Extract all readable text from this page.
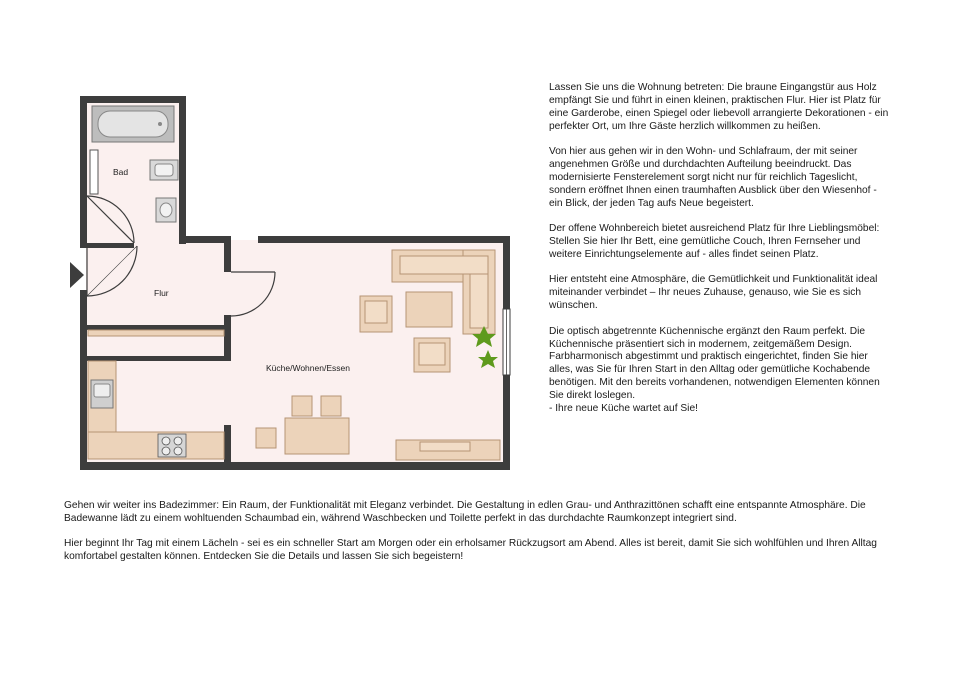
Bad
Flur
Küche/Wohnen/Essen

Lassen Sie uns die Wohnung betreten: Die braune Eingangstür aus Holz empfängt Sie und führt in einen kleinen, praktischen Flur. Hier ist Platz für eine Garderobe, einen Spiegel oder liebevoll arrangierte Dekorationen - ein perfekter Ort, um Ihre Gäste herzlich willkommen zu heißen.

Von hier aus gehen wir in den Wohn- und Schlafraum, der mit seiner angenehmen Größe und durchdachten Aufteilung beeindruckt. Das modernisierte Fensterelement sorgt nicht nur für reichlich Tageslicht, sondern eröffnet Ihnen einen traumhaften Ausblick über den Wiesenhof - ein Blick, der jeden Tag aufs Neue begeistert.

Der offene Wohnbereich bietet ausreichend Platz für Ihre Lieblingsmöbel: Stellen Sie hier Ihr Bett, eine gemütliche Couch, Ihren Fernseher und weitere Einrichtungselemente auf - alles findet seinen Platz.

Hier entsteht eine Atmosphäre, die Gemütlichkeit und Funktionalität ideal miteinander verbindet – Ihr neues Zuhause, genauso, wie Sie es sich wünschen.

Die optisch abgetrennte Küchennische ergänzt den Raum perfekt. Die Küchennische präsentiert sich in modernem, zeitgemäßem Design. Farbharmonisch abgestimmt und praktisch eingerichtet, finden Sie hier alles, was Sie für Ihren Start in den Alltag oder gemütliche Kochabende benötigen. Mit den bereits vorhandenen, notwendigen Elementen können Sie direkt loslegen.

- Ihre neue Küche wartet auf Sie!

Gehen wir weiter ins Badezimmer: Ein Raum, der Funktionalität mit Eleganz verbindet. Die Gestaltung in edlen Grau- und Anthrazittönen schafft eine entspannte Atmosphäre. Die Badewanne lädt zu einem wohltuenden Schaumbad ein, während Waschbecken und Toilette perfekt in das durchdachte Raumkonzept integriert sind.

Hier beginnt Ihr Tag mit einem Lächeln - sei es ein schneller Start am Morgen oder ein erholsamer Rückzugsort am Abend. Alles ist bereit, damit Sie sich wohlfühlen und Ihren Alltag komfortabel gestalten können. Entdecken Sie die Details und lassen Sie sich begeistern!
